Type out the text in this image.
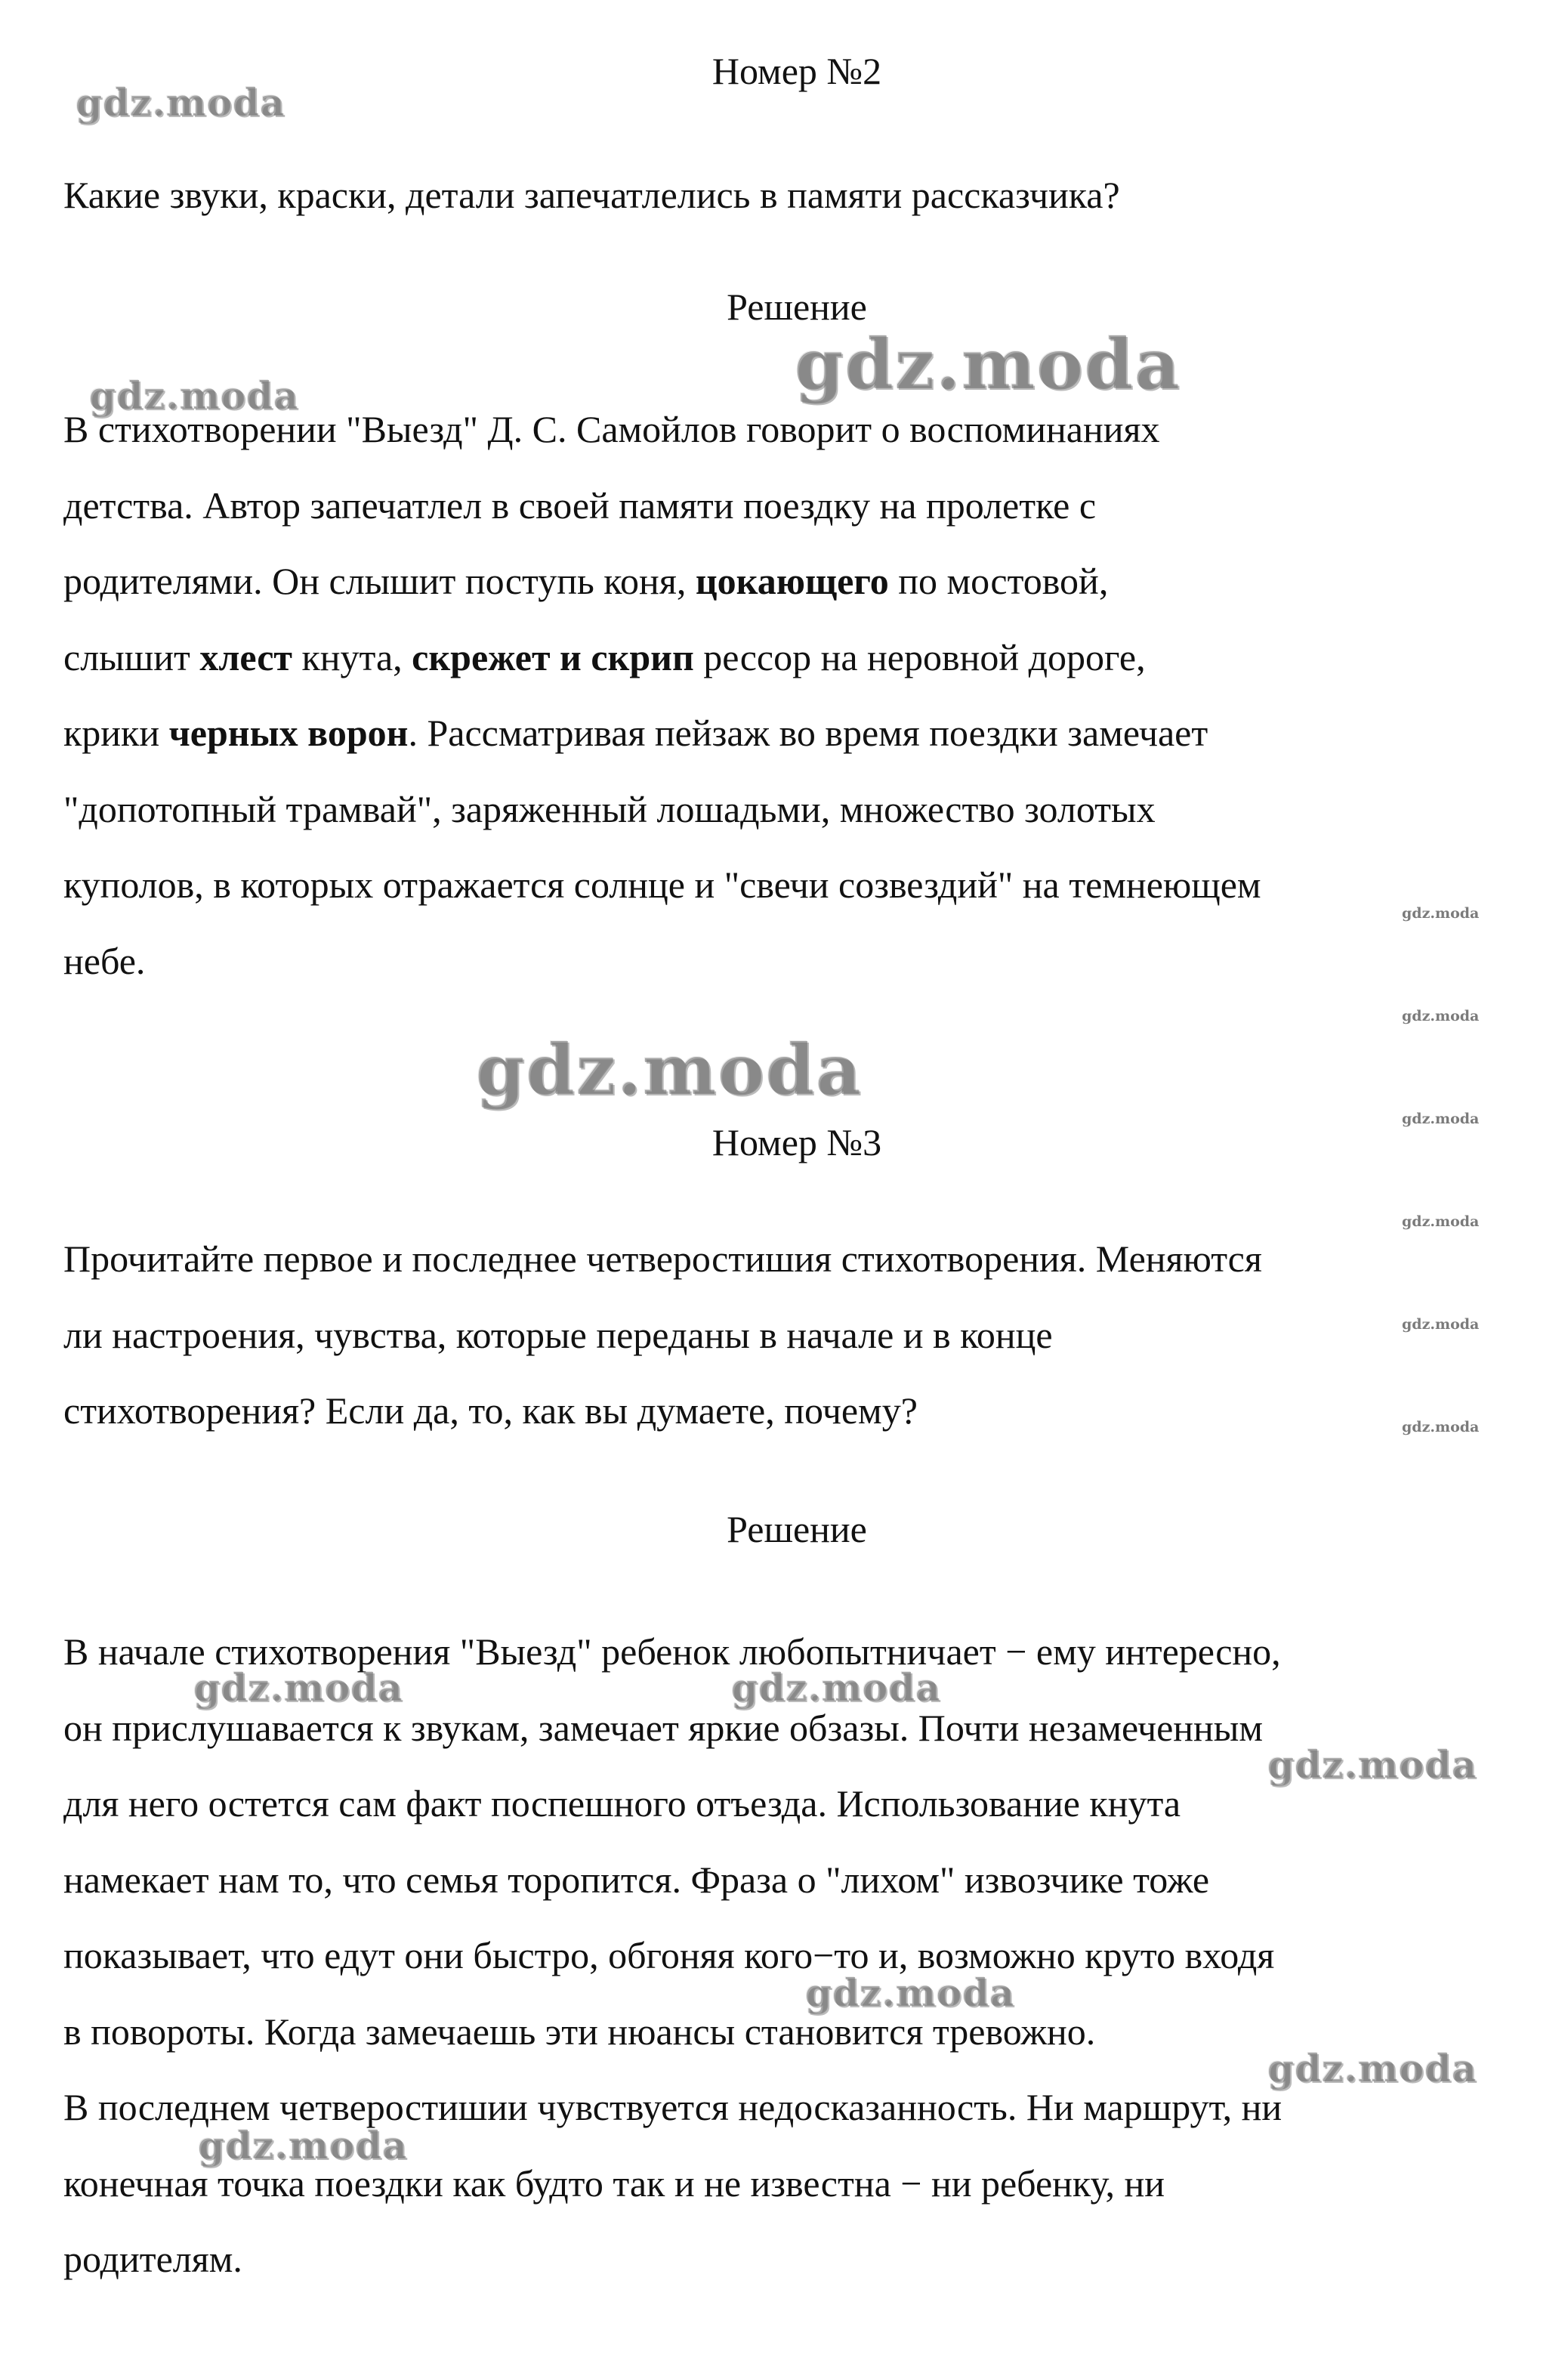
Номер №2

Какие звуки, краски, детали запечатлелись в памяти рассказчика?

Решение

В стихотворении "Выезд" Д. С. Самойлов говорит о воспоминаниях
детства. Автор запечатлел в своей памяти поездку на пролетке с
родителями. Он слышит поступь коня, цокающего по мостовой,
слышит хлест кнута, скрежет и скрип рессор на неровной дороге,
крики черных ворон. Рассматривая пейзаж во время поездки замечает
"допотопный трамвай", заряженный лошадьми, множество золотых
куполов, в которых отражается солнце и "свечи созвездий" на темнеющем
небе.

Номер №3

Прочитайте первое и последнее четверостишия стихотворения. Меняются
ли настроения, чувства, которые переданы в начале и в конце
стихотворения? Если да, то, как вы думаете, почему?

Решение

В начале стихотворения "Выезд" ребенок любопытничает − ему интересно,
он прислушавается к звукам, замечает яркие обзазы. Почти незамеченным
для него остется сам факт поспешного отъезда. Использование кнута
намекает нам то, что семья торопится. Фраза о "лихом" извозчике тоже
показывает, что едут они быстро, обгоняя кого−то и, возможно круто входя
в повороты. Когда замечаешь эти нюансы становится тревожно.
В последнем четверостишии чувствуется недосказанность. Ни маршрут, ни
конечная точка поездки как будто так и не известна − ни ребенку, ни
родителям.

gdz.moda
gdz.moda
gdz.moda
gdz.moda
gdz.moda	gdz.moda
gdz.moda
gdz.moda
gdz.moda
gdz.moda
gdz.moda
gdz.moda
gdz.moda
gdz.moda
gdz.moda
gdz.moda
